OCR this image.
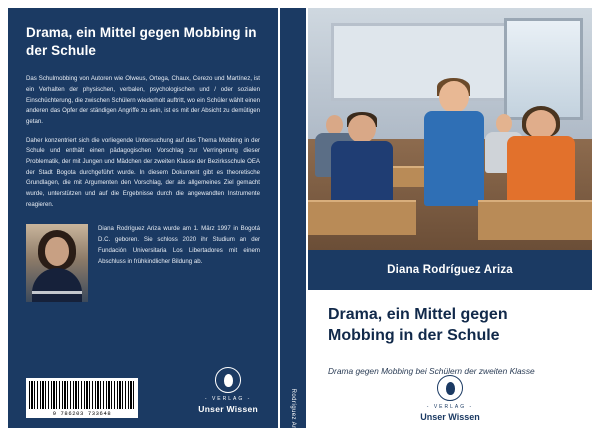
Drama, ein Mittel gegen Mobbing in der Schule

Das Schulmobbing von Autoren wie Olweus, Ortega, Chaux, Cerezo und Martínez, ist ein Verhalten der physischen, verbalen, psychologischen und / oder sozialen Einschüchterung, die zwischen Schülern wiederholt auftritt, wo ein Schüler wählt einen anderen das Opfer der ständigen Angriffe zu sein, ist es mit der Absicht zu demütigen getan.

Daher konzentriert sich die vorliegende Untersuchung auf das Thema Mobbing in der Schule und enthält einen pädagogischen Vorschlag zur Verringerung dieser Problematik, der mit Jungen und Mädchen der zweiten Klasse der Bezirksschule OEA der Stadt Bogota durchgeführt wurde. In diesem Dokument gibt es theoretische Grundlagen, die mit Argumenten den Vorschlag, der als allgemeines Ziel gemacht wurde, unterstützen und auf die Ergebnisse durch die angewandten Instrumente reagieren.

Diana Rodríguez Ariza wurde am 1. März 1997 in Bogotá D.C. geboren. Sie schloss 2020 ihr Studium an der Fundación Universitaria Los Libertadores mit einem Abschluss in frühkindlicher Bildung ab.
9 786203 733648
- VERLAG -
Unser Wissen	Rodríguez Ariza
Diana Rodríguez Ariza
Drama, ein Mittel gegen Mobbing in der Schule
Drama gegen Mobbing bei Schülern der zweiten Klasse
- VERLAG -
Unser Wissen
